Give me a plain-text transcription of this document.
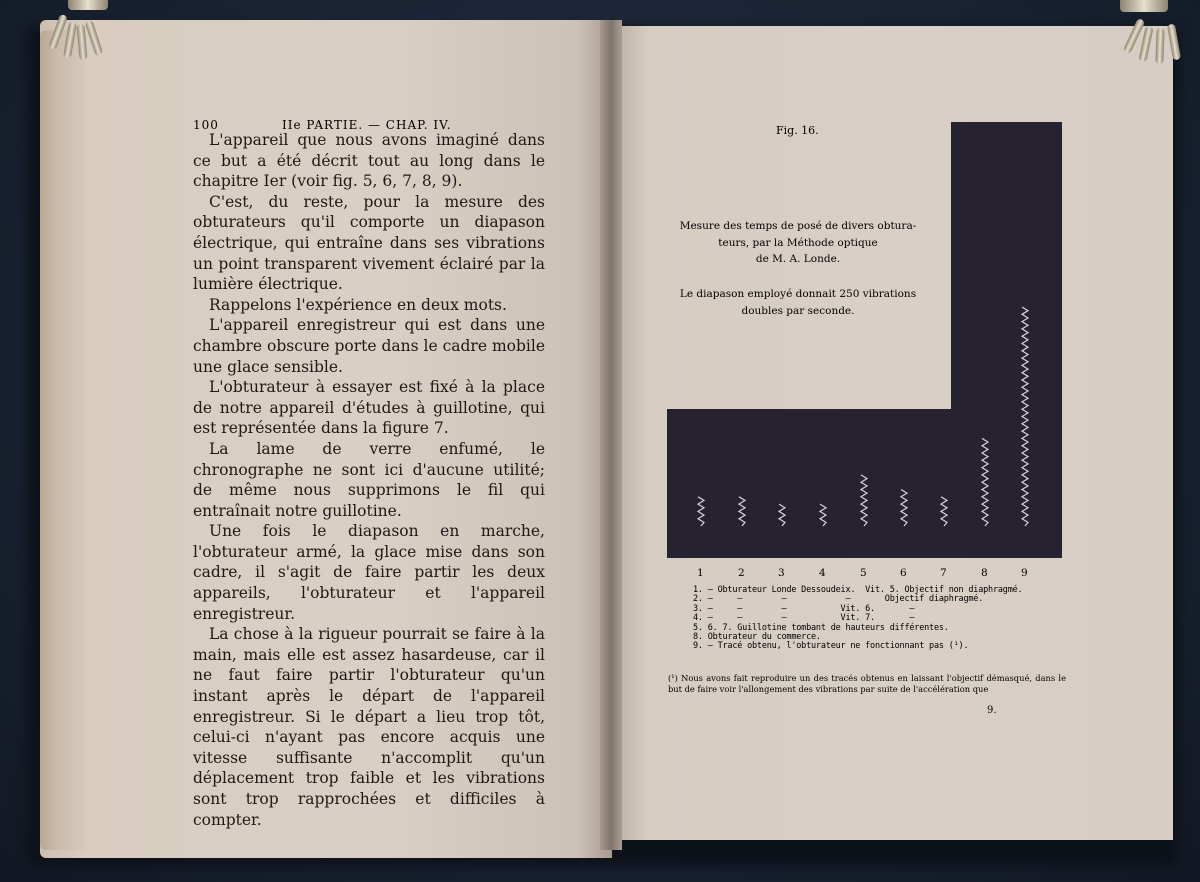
100	IIe PARTIE. — CHAP. IV.

L'appareil que nous avons imaginé dans ce but a été décrit tout au long dans le chapitre Ier (voir fig. 5, 6, 7, 8, 9).

C'est, du reste, pour la mesure des obturateurs qu'il comporte un diapason électrique, qui entraîne dans ses vibrations un point transparent vivement éclairé par la lumière électrique.

Rappelons l'expérience en deux mots.

L'appareil enregistreur qui est dans une chambre obscure porte dans le cadre mobile une glace sensible.

L'obturateur à essayer est fixé à la place de notre appareil d'études à guillotine, qui est représentée dans la figure 7.

La lame de verre enfumé, le chronographe ne sont ici d'aucune utilité; de même nous supprimons le fil qui entraînait notre guillotine.

Une fois le diapason en marche, l'obturateur armé, la glace mise dans son cadre, il s'agit de faire partir les deux appareils, l'obturateur et l'appareil enregistreur.

La chose à la rigueur pourrait se faire à la main, mais elle est assez hasardeuse, car il ne faut faire partir l'obturateur qu'un instant après le départ de l'appareil enregistreur. Si le départ a lieu trop tôt, celui-ci n'ayant pas encore acquis une vitesse suffisante n'accomplit qu'un déplacement trop faible et les vibrations sont trop rapprochées et difficiles à compter.

Fig. 16.
Mesure des temps de posé de divers obtura-
teurs, par la Méthode optique
de M. A. Londe.
Le diapason employé donnait 250 vibrations
doubles par seconde.
1	2	3	4	5	6	7	8	9
1. — Obturateur Londe Dessoudeix.  Vit. 5. Objectif non diaphragmé.
2. —     —        —            —       Objectif diaphragmé.
3. —     —        —           Vit. 6.       —
4. —     —        —           Vit. 7.       —
5. 6. 7. Guillotine tombant de hauteurs différentes.
8. Obturateur du commerce.
9. — Tracé obtenu, l'obturateur ne fonctionnant pas (¹).
(¹) Nous avons fait reproduire un des tracés obtenus en laissant l'objectif démasqué, dans le but de faire voir l'allongement des vibrations par suite de l'accélération que
9.
